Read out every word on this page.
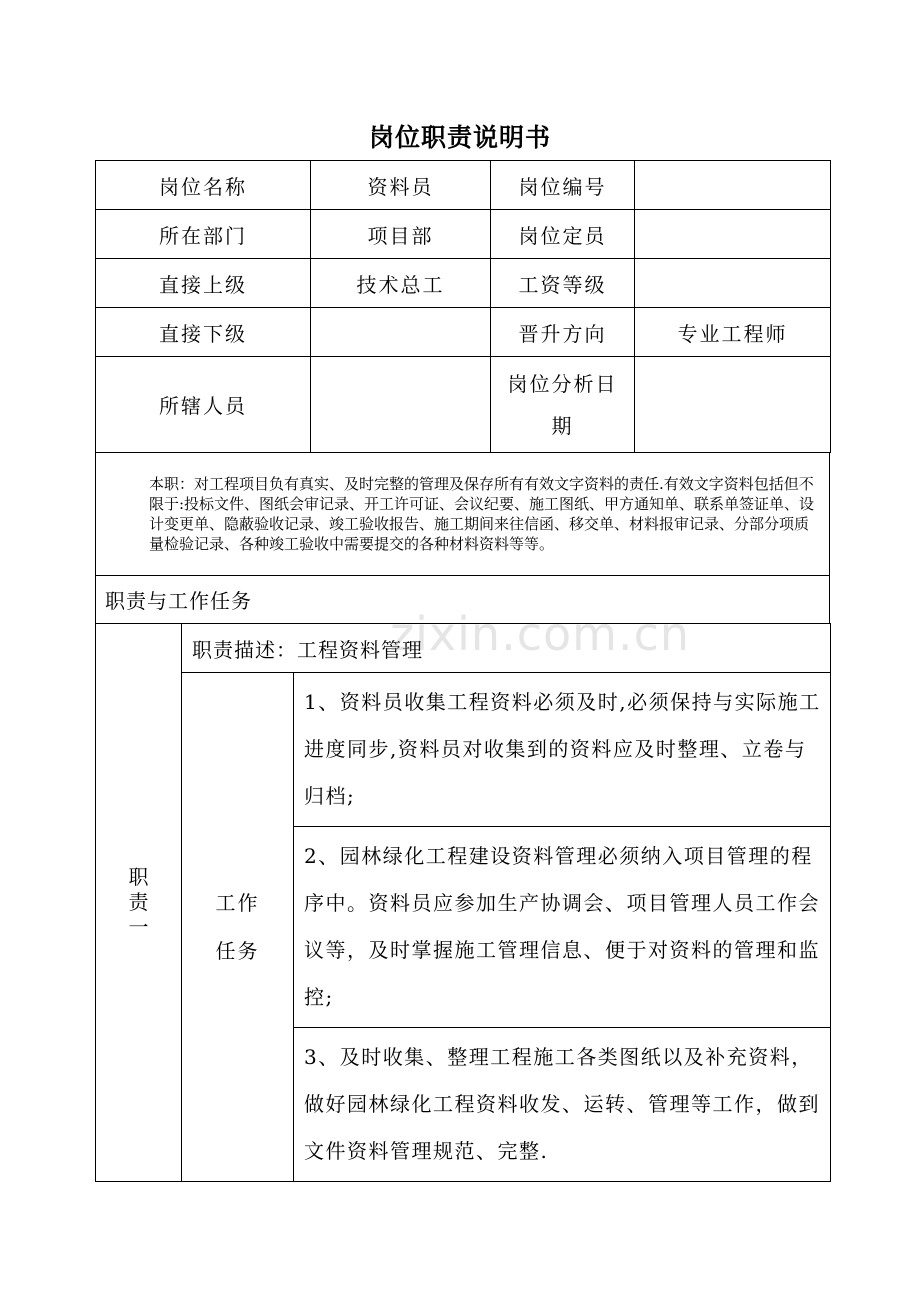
岗位职责说明书
岗位名称	资料员	岗位编号	
所在部门	项目部	岗位定员	
直接上级	技术总工	工资等级	
直接下级		晋升方向	专业工程师
所辖人员		岗位分析日
期	
本职：对工程项目负有真实、及时完整的管理及保存所有有效文字资料的责任.有效文字资料包括但不限于:投标文件、图纸会审记录、开工许可证、会议纪要、施工图纸、甲方通知单、联系单签证单、设计变更单、隐蔽验收记录、竣工验收报告、施工期间来往信函、移交单、材料报审记录、分部分项质量检验记录、各种竣工验收中需要提交的各种材料资料等等。
职责与工作任务
职
责
一	职责描述：工程资料管理	
	工作
任务	1、资料员收集工程资料必须及时,必须保持与实际施工进度同步,资料员对收集到的资料应及时整理、立卷与归档;
		2、园林绿化工程建设资料管理必须纳入项目管理的程序中。资料员应参加生产协调会、项目管理人员工作会议等，及时掌握施工管理信息、便于对资料的管理和监控;
		3、及时收集、整理工程施工各类图纸以及补充资料，做好园林绿化工程资料收发、运转、管理等工作，做到文件资料管理规范、完整.
zixin.com.cn
